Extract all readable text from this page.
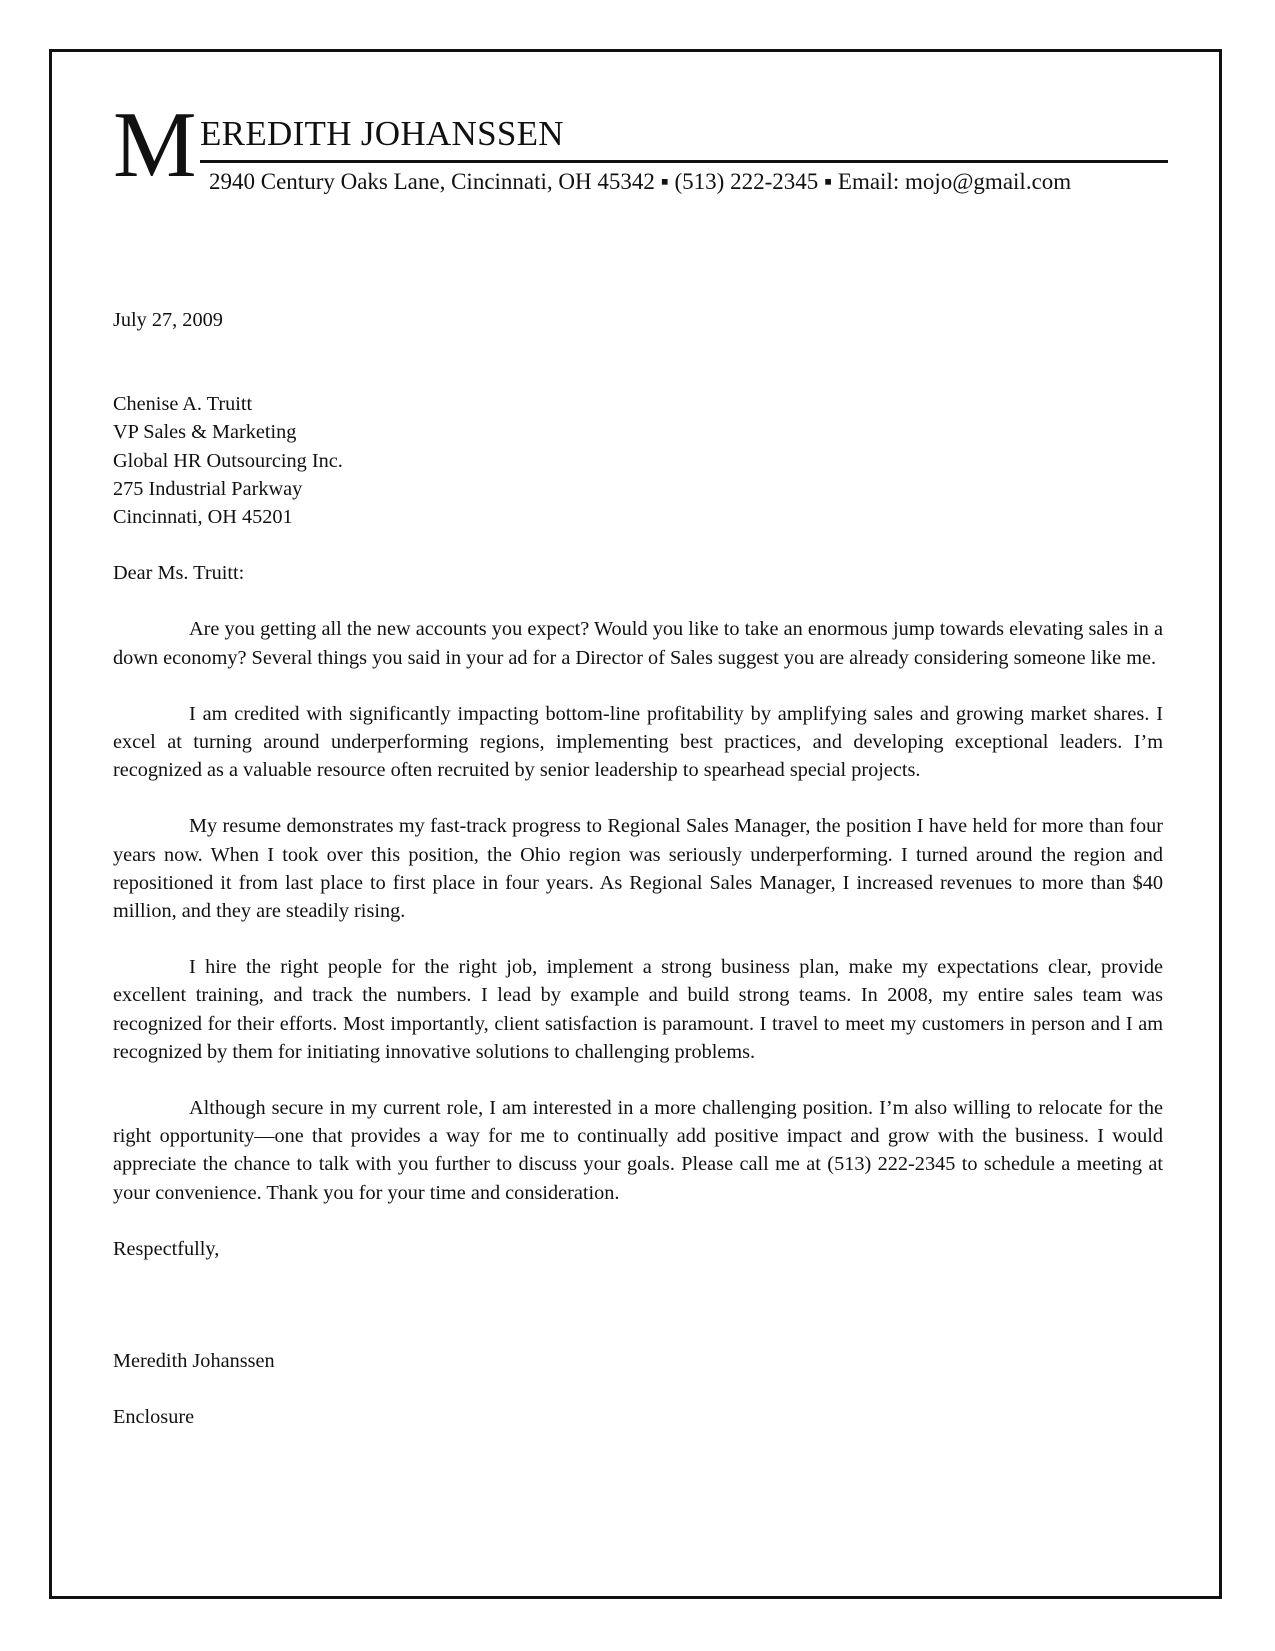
M EREDITH JOHANSSEN
2940 Century Oaks Lane, Cincinnati, OH 45342 ▪ (513) 222-2345 ▪ Email: mojo@gmail.com
July 27, 2009
Chenise A. Truitt
VP Sales & Marketing
Global HR Outsourcing Inc.
275 Industrial Parkway
Cincinnati, OH 45201
Dear Ms. Truitt:

Are you getting all the new accounts you expect? Would you like to take an enormous jump towards elevating sales in a down economy? Several things you said in your ad for a Director of Sales suggest you are already considering someone like me.

I am credited with significantly impacting bottom-line profitability by amplifying sales and growing market shares. I excel at turning around underperforming regions, implementing best practices, and developing exceptional leaders. I’m recognized as a valuable resource often recruited by senior leadership to spearhead special projects.

My resume demonstrates my fast-track progress to Regional Sales Manager, the position I have held for more than four years now. When I took over this position, the Ohio region was seriously underperforming. I turned around the region and repositioned it from last place to first place in four years. As Regional Sales Manager, I increased revenues to more than $40 million, and they are steadily rising.

I hire the right people for the right job, implement a strong business plan, make my expectations clear, provide excellent training, and track the numbers. I lead by example and build strong teams. In 2008, my entire sales team was recognized for their efforts. Most importantly, client satisfaction is paramount. I travel to meet my customers in person and I am recognized by them for initiating innovative solutions to challenging problems.

Although secure in my current role, I am interested in a more challenging position. I’m also willing to relocate for the right opportunity—one that provides a way for me to continually add positive impact and grow with the business. I would appreciate the chance to talk with you further to discuss your goals. Please call me at (513) 222-2345 to schedule a meeting at your convenience. Thank you for your time and consideration.

Respectfully,
Meredith Johanssen
Enclosure
